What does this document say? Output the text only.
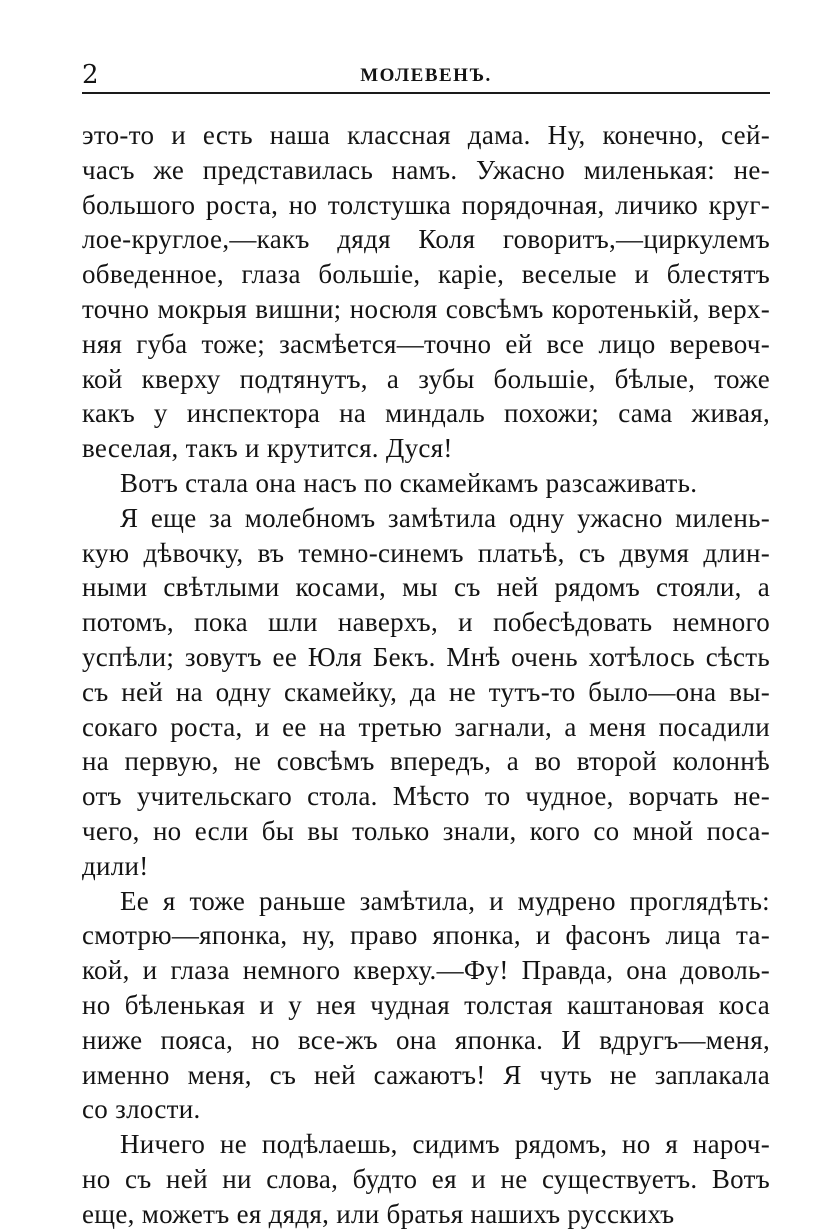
2	МОЛЕВЕНЪ.

это-то и есть наша классная дама. Ну, конечно, сей-
часъ же представилась намъ. Ужасно миленькая: не-
большого роста, но толстушка порядочная, личико круг-
лое-круглое,—какъ дядя Коля говоритъ,—циркулемъ
обведенное, глаза большіе, каріе, веселые и блестятъ
точно мокрыя вишни; носюля совсѣмъ коротенькій, верх-
няя губа тоже; засмѣется—точно ей все лицо веревоч-
кой кверху подтянутъ, а зубы большіе, бѣлые, тоже
какъ у инспектора на миндаль похожи; сама живая,
веселая, такъ и крутится. Дуся!

Вотъ стала она насъ по скамейкамъ разсаживать.

Я еще за молебномъ замѣтила одну ужасно милень-
кую дѣвочку, въ темно-синемъ платьѣ, съ двумя длин-
ными свѣтлыми косами, мы съ ней рядомъ стояли, а
потомъ, пока шли наверхъ, и побесѣдовать немного
успѣли; зовутъ ее Юля Бекъ. Мнѣ очень хотѣлось сѣсть
съ ней на одну скамейку, да не тутъ-то было—она вы-
сокаго роста, и ее на третью загнали, а меня посадили
на первую, не совсѣмъ впередъ, а во второй колоннѣ
отъ учительскаго стола. Мѣсто то чудное, ворчать не-
чего, но если бы вы только знали, кого со мной поса-
дили!

Ее я тоже раньше замѣтила, и мудрено проглядѣть:
смотрю—японка, ну, право японка, и фасонъ лица та-
кой, и глаза немного кверху.—Фу! Правда, она доволь-
но бѣленькая и у нея чудная толстая каштановая коса
ниже пояса, но все-жъ она японка. И вдругъ—меня,
именно меня, съ ней сажаютъ! Я чуть не заплакала
со злости.

Ничего не подѣлаешь, сидимъ рядомъ, но я нароч-
но съ ней ни слова, будто ея и не существуетъ. Вотъ
еще, можетъ ея дядя, или братья нашихъ русскихъ
